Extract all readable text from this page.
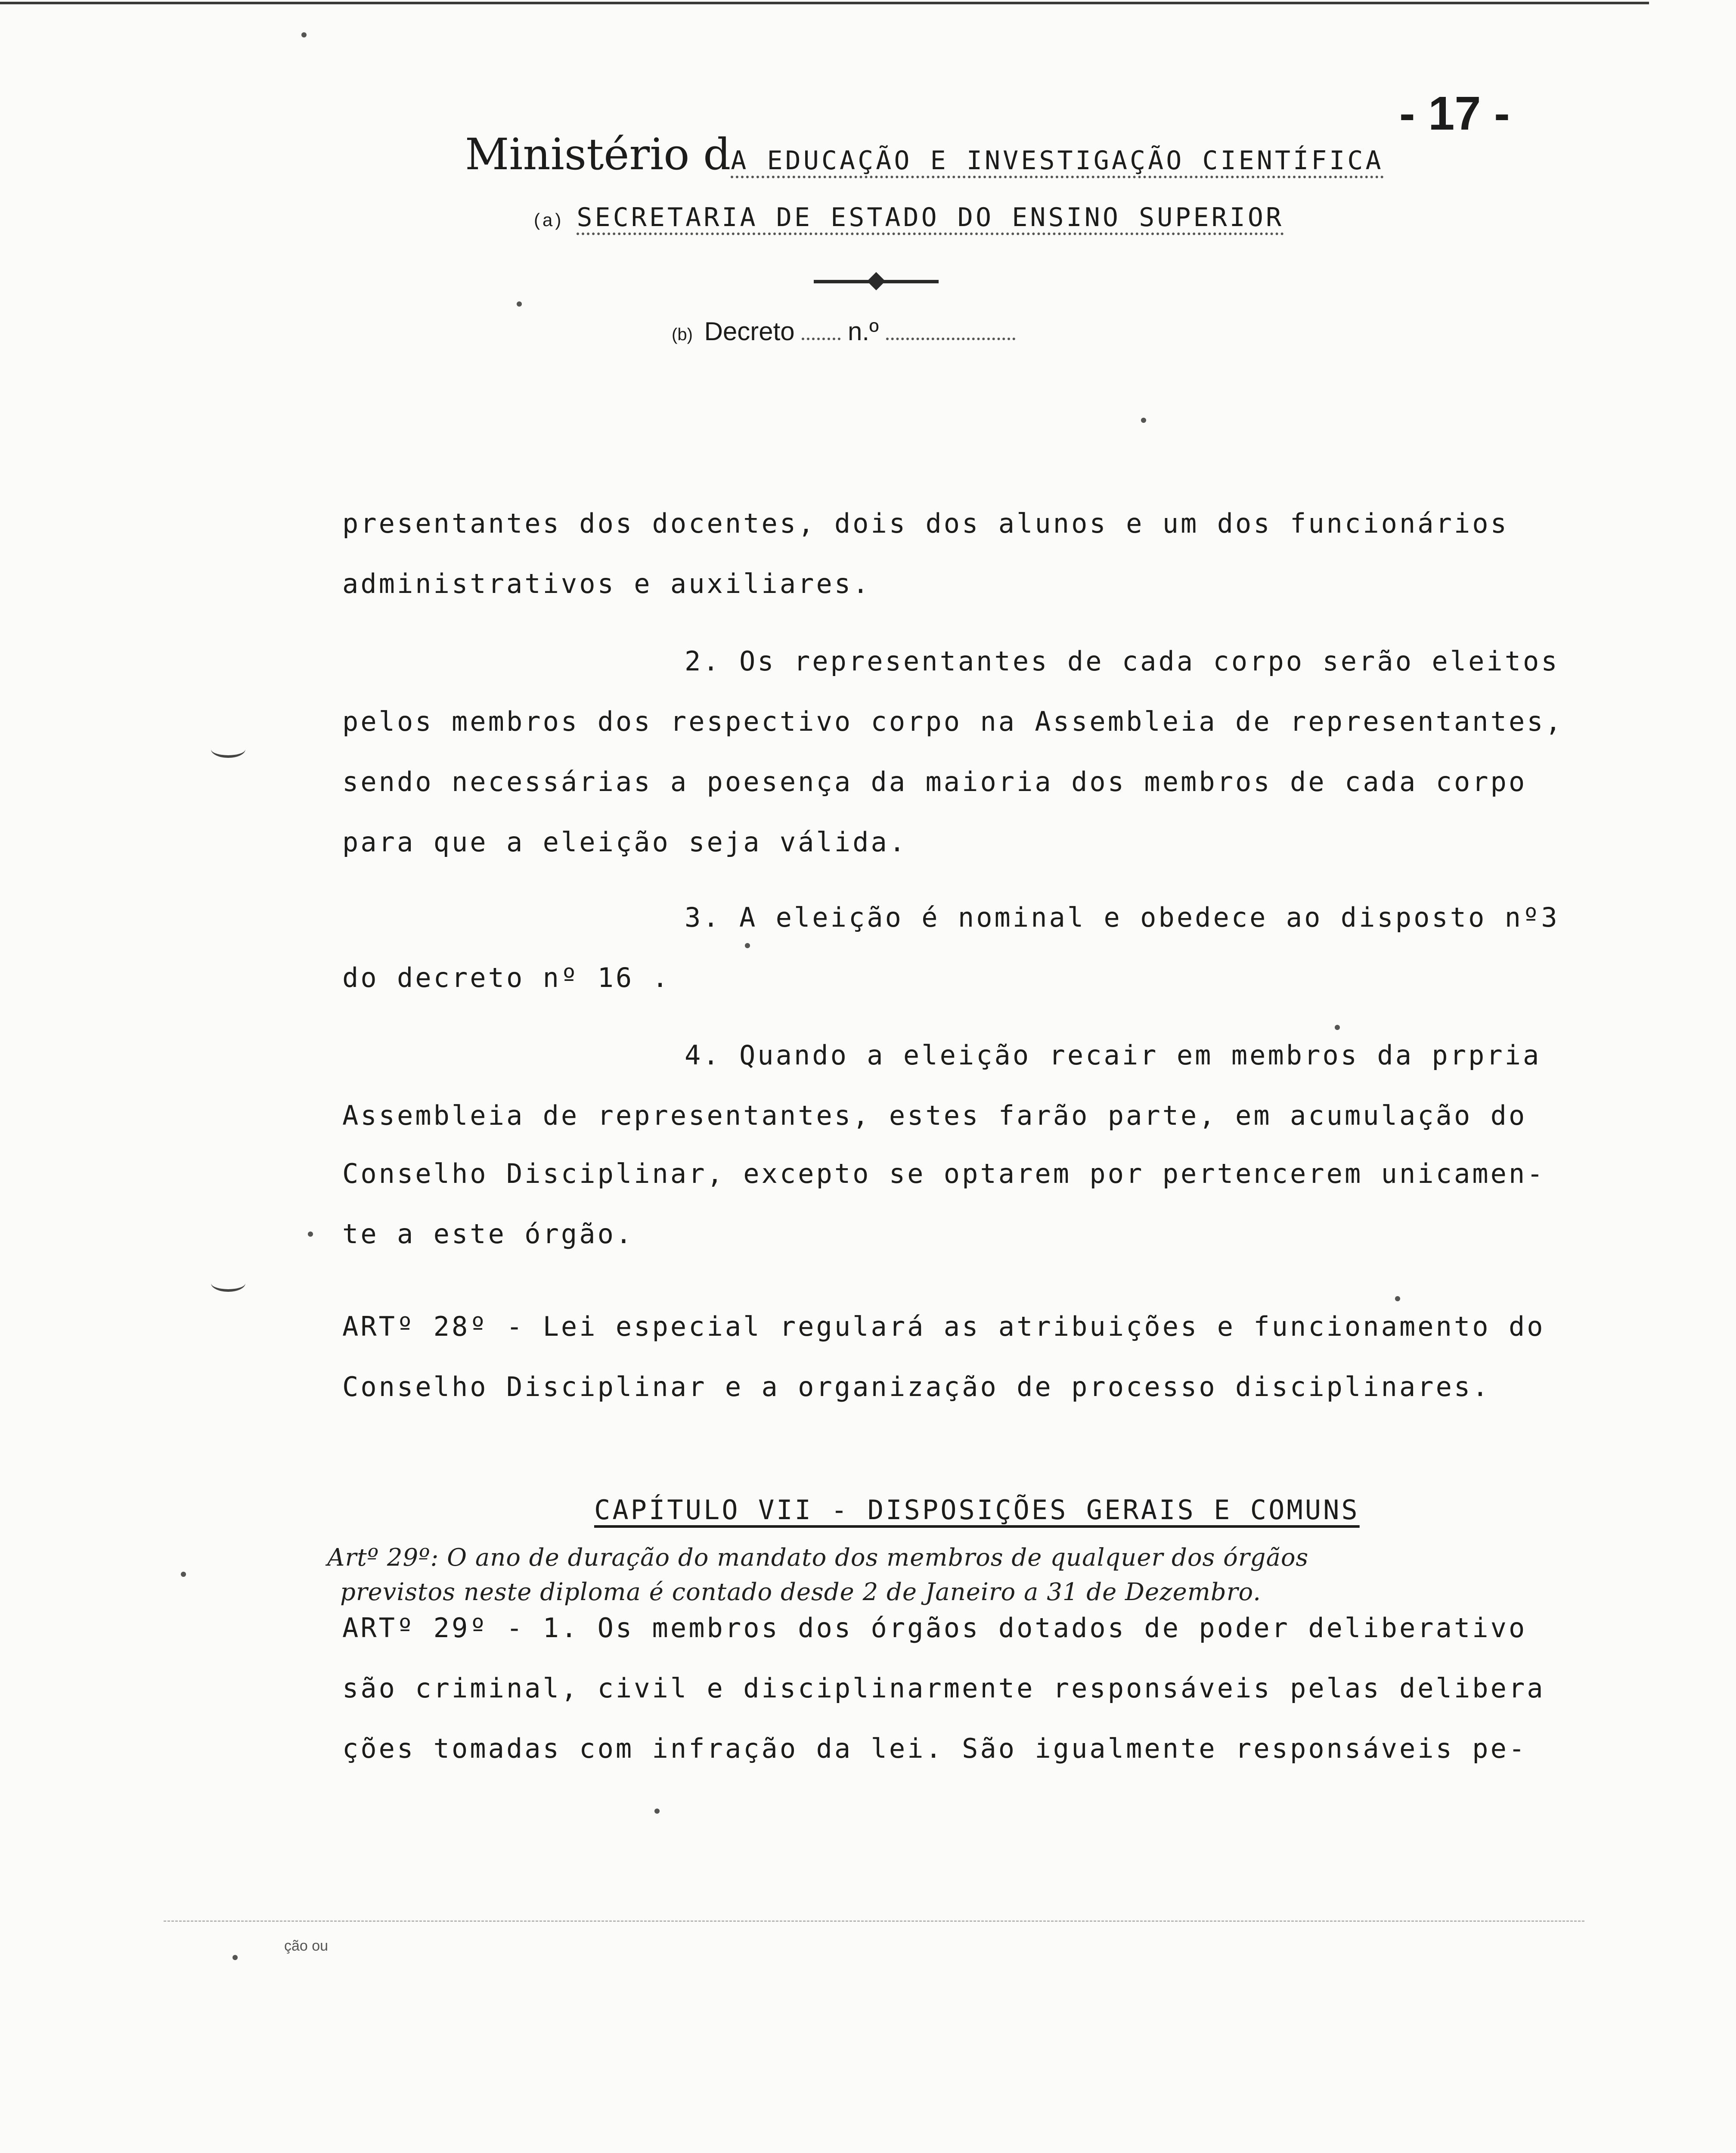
- 17 -
Ministério dA EDUCAÇÃO E INVESTIGAÇÃO CIENTÍFICA
(a) SECRETARIA DE ESTADO DO ENSINO SUPERIOR
(b) Decreto n.º
presentantes dos docentes, dois dos alunos e um dos funcionários
administrativos e auxiliares.
2. Os representantes de cada corpo serão eleitos
pelos membros dos respectivo corpo na Assembleia de representantes,
sendo necessárias a poesença da maioria dos membros de cada corpo
para que a eleição seja válida.
3. A eleição é nominal e obedece ao disposto nº3
do decreto nº 16 .
4. Quando a eleição recair em membros da prpria
Assembleia de representantes, estes farão parte, em acumulação do
Conselho Disciplinar, excepto se optarem por pertencerem unicamen-
te a este órgão.
ARTº 28º - Lei especial regulará as atribuições e funcionamento do
Conselho Disciplinar e a organização de processo disciplinares.
CAPÍTULO VII - DISPOSIÇÕES GERAIS E COMUNS
Artº 29º: O ano de duração do mandato dos membros de qualquer dos órgãos
previstos neste diploma é contado desde 2 de Janeiro a 31 de Dezembro.
ARTº 29º - 1. Os membros dos órgãos dotados de poder deliberativo
são criminal, civil e disciplinarmente responsáveis pelas delibera
ções tomadas com infração da lei. São igualmente responsáveis pe-
ção ou
